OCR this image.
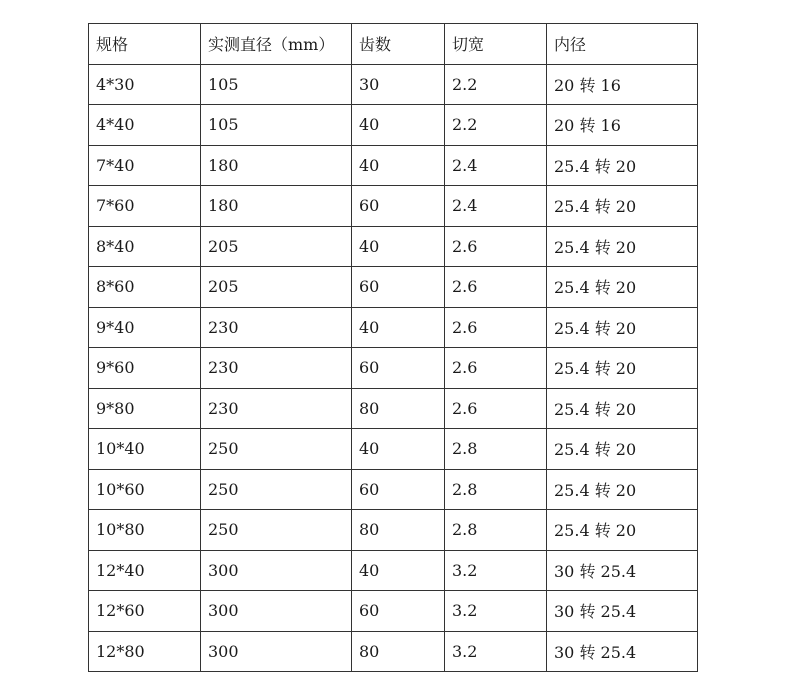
规格	实测直径（mm）	齿数	切宽	内径
4*30	105	30	2.2	20 转 16
4*40	105	40	2.2	20 转 16
7*40	180	40	2.4	25.4 转 20
7*60	180	60	2.4	25.4 转 20
8*40	205	40	2.6	25.4 转 20
8*60	205	60	2.6	25.4 转 20
9*40	230	40	2.6	25.4 转 20
9*60	230	60	2.6	25.4 转 20
9*80	230	80	2.6	25.4 转 20
10*40	250	40	2.8	25.4 转 20
10*60	250	60	2.8	25.4 转 20
10*80	250	80	2.8	25.4 转 20
12*40	300	40	3.2	30 转 25.4
12*60	300	60	3.2	30 转 25.4
12*80	300	80	3.2	30 转 25.4
